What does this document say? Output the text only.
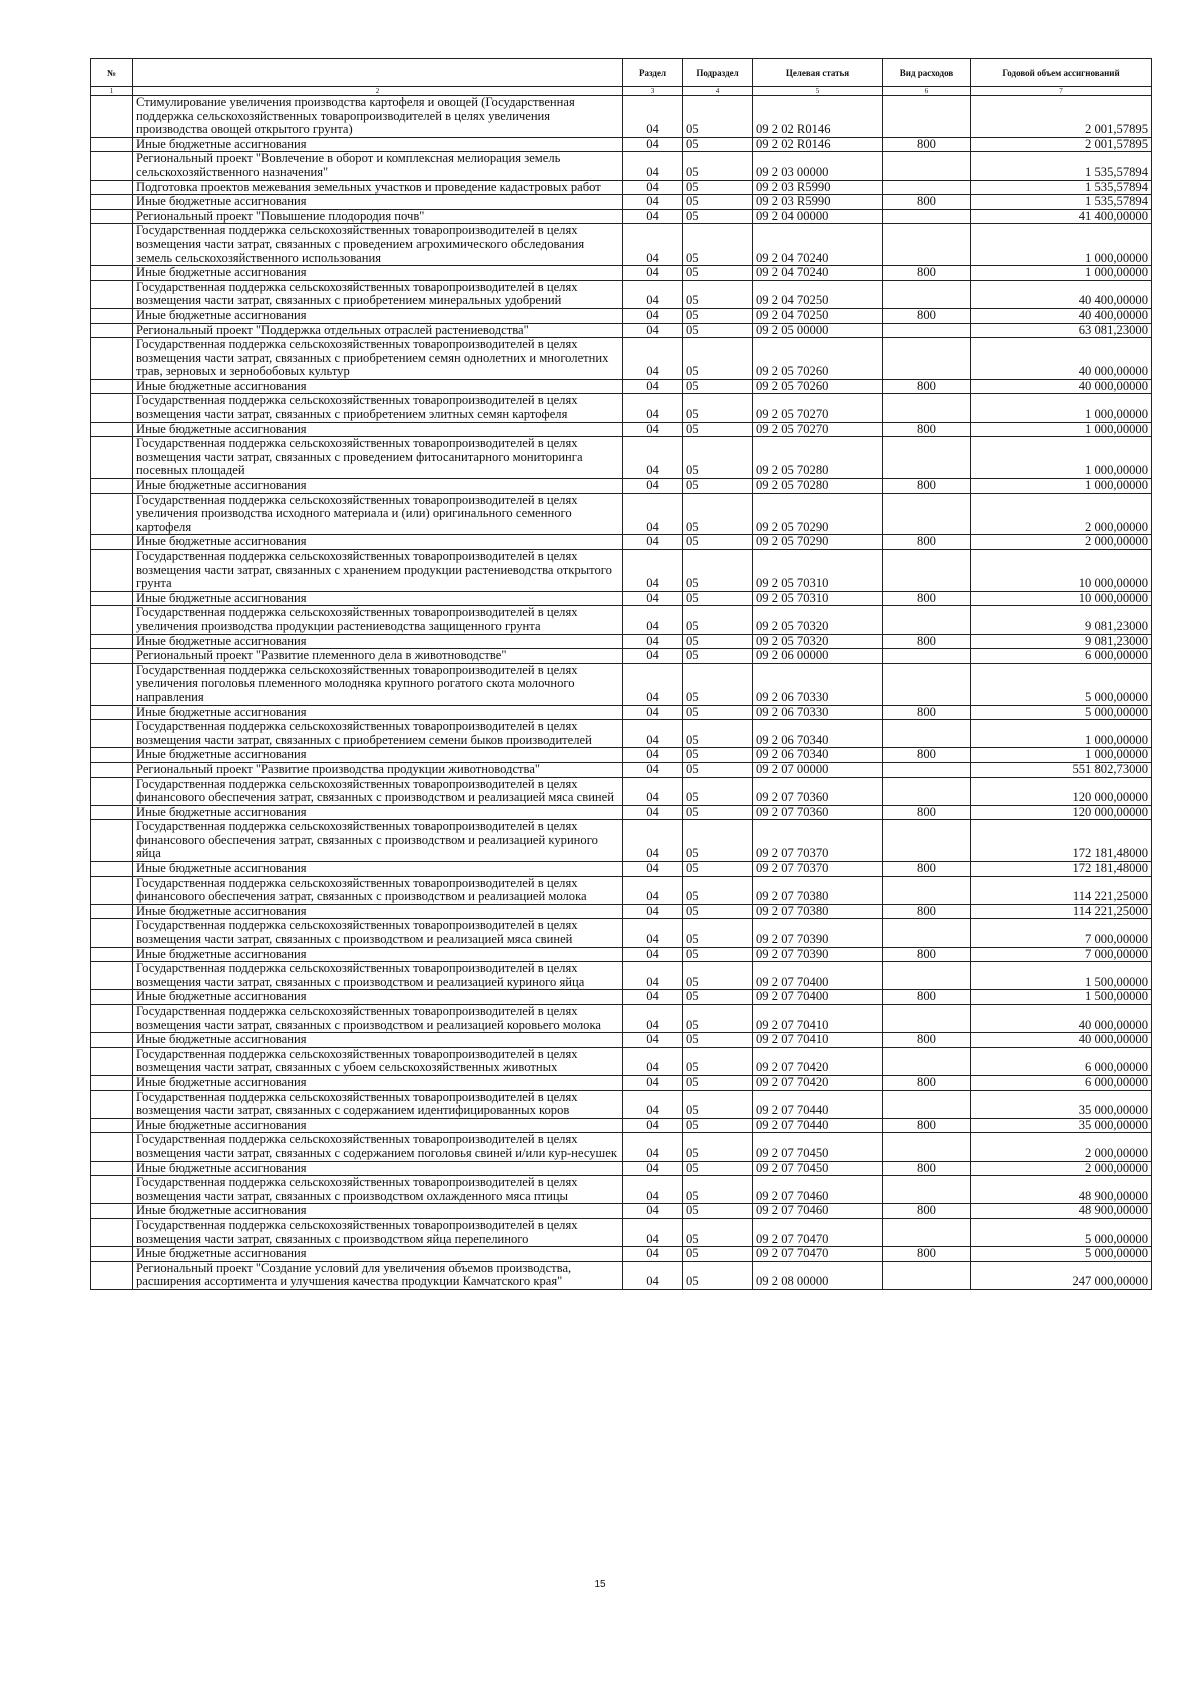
№		Раздел	Подраздел	Целевая статья	Вид расходов	Годовой объем ассигнований
1	2	3	4	5	6	7
	Стимулирование увеличения производства картофеля и овощей (Государственная поддержка сельскохозяйственных товаропроизводителей в целях увеличения производства овощей открытого грунта)	04	05	09 2 02 R0146		2 001,57895
	Иные бюджетные ассигнования	04	05	09 2 02 R0146	800	2 001,57895
	Региональный проект "Вовлечение в оборот и комплексная мелиорация земель сельскохозяйственного назначения"	04	05	09 2 03 00000		1 535,57894
	Подготовка проектов межевания земельных участков и проведение кадастровых работ	04	05	09 2 03 R5990		1 535,57894
	Иные бюджетные ассигнования	04	05	09 2 03 R5990	800	1 535,57894
	Региональный проект "Повышение плодородия почв"	04	05	09 2 04 00000		41 400,00000
	Государственная поддержка сельскохозяйственных товаропроизводителей в целях возмещения части затрат, связанных с проведением агрохимического обследования земель сельскохозяйственного использования	04	05	09 2 04 70240		1 000,00000
	Иные бюджетные ассигнования	04	05	09 2 04 70240	800	1 000,00000
	Государственная поддержка сельскохозяйственных товаропроизводителей в целях возмещения части затрат, связанных с приобретением минеральных удобрений	04	05	09 2 04 70250		40 400,00000
	Иные бюджетные ассигнования	04	05	09 2 04 70250	800	40 400,00000
	Региональный проект "Поддержка отдельных отраслей растениеводства"	04	05	09 2 05 00000		63 081,23000
	Государственная поддержка сельскохозяйственных товаропроизводителей в целях возмещения части затрат, связанных с приобретением семян однолетних и многолетних трав, зерновых и зернобобовых культур	04	05	09 2 05 70260		40 000,00000
	Иные бюджетные ассигнования	04	05	09 2 05 70260	800	40 000,00000
	Государственная поддержка сельскохозяйственных товаропроизводителей в целях возмещения части затрат, связанных с приобретением элитных семян картофеля	04	05	09 2 05 70270		1 000,00000
	Иные бюджетные ассигнования	04	05	09 2 05 70270	800	1 000,00000
	Государственная поддержка сельскохозяйственных товаропроизводителей в целях возмещения части затрат, связанных с проведением фитосанитарного мониторинга посевных площадей	04	05	09 2 05 70280		1 000,00000
	Иные бюджетные ассигнования	04	05	09 2 05 70280	800	1 000,00000
	Государственная поддержка сельскохозяйственных товаропроизводителей в целях увеличения производства исходного материала и (или) оригинального семенного картофеля	04	05	09 2 05 70290		2 000,00000
	Иные бюджетные ассигнования	04	05	09 2 05 70290	800	2 000,00000
	Государственная поддержка сельскохозяйственных товаропроизводителей в целях возмещения части затрат, связанных с хранением продукции растениеводства открытого грунта	04	05	09 2 05 70310		10 000,00000
	Иные бюджетные ассигнования	04	05	09 2 05 70310	800	10 000,00000
	Государственная поддержка сельскохозяйственных товаропроизводителей в целях увеличения производства продукции растениеводства защищенного грунта	04	05	09 2 05 70320		9 081,23000
	Иные бюджетные ассигнования	04	05	09 2 05 70320	800	9 081,23000
	Региональный проект "Развитие племенного дела в животноводстве"	04	05	09 2 06 00000		6 000,00000
	Государственная поддержка сельскохозяйственных товаропроизводителей в целях увеличения поголовья племенного молодняка крупного рогатого скота молочного направления	04	05	09 2 06 70330		5 000,00000
	Иные бюджетные ассигнования	04	05	09 2 06 70330	800	5 000,00000
	Государственная поддержка сельскохозяйственных товаропроизводителей в целях возмещения части затрат, связанных с приобретением семени быков производителей	04	05	09 2 06 70340		1 000,00000
	Иные бюджетные ассигнования	04	05	09 2 06 70340	800	1 000,00000
	Региональный проект "Развитие производства продукции животноводства"	04	05	09 2 07 00000		551 802,73000
	Государственная поддержка сельскохозяйственных товаропроизводителей в целях финансового обеспечения затрат, связанных с производством и реализацией мяса свиней	04	05	09 2 07 70360		120 000,00000
	Иные бюджетные ассигнования	04	05	09 2 07 70360	800	120 000,00000
	Государственная поддержка сельскохозяйственных товаропроизводителей в целях финансового обеспечения затрат, связанных с производством и реализацией куриного яйца	04	05	09 2 07 70370		172 181,48000
	Иные бюджетные ассигнования	04	05	09 2 07 70370	800	172 181,48000
	Государственная поддержка сельскохозяйственных товаропроизводителей в целях финансового обеспечения затрат, связанных с производством и реализацией молока	04	05	09 2 07 70380		114 221,25000
	Иные бюджетные ассигнования	04	05	09 2 07 70380	800	114 221,25000
	Государственная поддержка сельскохозяйственных товаропроизводителей в целях возмещения части затрат, связанных с производством и реализацией мяса свиней	04	05	09 2 07 70390		7 000,00000
	Иные бюджетные ассигнования	04	05	09 2 07 70390	800	7 000,00000
	Государственная поддержка сельскохозяйственных товаропроизводителей в целях возмещения части затрат, связанных с производством и реализацией куриного яйца	04	05	09 2 07 70400		1 500,00000
	Иные бюджетные ассигнования	04	05	09 2 07 70400	800	1 500,00000
	Государственная поддержка сельскохозяйственных товаропроизводителей в целях возмещения части затрат, связанных с производством и реализацией коровьего молока	04	05	09 2 07 70410		40 000,00000
	Иные бюджетные ассигнования	04	05	09 2 07 70410	800	40 000,00000
	Государственная поддержка сельскохозяйственных товаропроизводителей в целях возмещения части затрат, связанных с убоем сельскохозяйственных животных	04	05	09 2 07 70420		6 000,00000
	Иные бюджетные ассигнования	04	05	09 2 07 70420	800	6 000,00000
	Государственная поддержка сельскохозяйственных товаропроизводителей в целях возмещения части затрат, связанных с содержанием идентифицированных коров	04	05	09 2 07 70440		35 000,00000
	Иные бюджетные ассигнования	04	05	09 2 07 70440	800	35 000,00000
	Государственная поддержка сельскохозяйственных товаропроизводителей в целях возмещения части затрат, связанных с содержанием поголовья свиней и/или кур-несушек	04	05	09 2 07 70450		2 000,00000
	Иные бюджетные ассигнования	04	05	09 2 07 70450	800	2 000,00000
	Государственная поддержка сельскохозяйственных товаропроизводителей в целях возмещения части затрат, связанных с производством охлажденного мяса птицы	04	05	09 2 07 70460		48 900,00000
	Иные бюджетные ассигнования	04	05	09 2 07 70460	800	48 900,00000
	Государственная поддержка сельскохозяйственных товаропроизводителей в целях возмещения части затрат, связанных с производством яйца перепелиного	04	05	09 2 07 70470		5 000,00000
	Иные бюджетные ассигнования	04	05	09 2 07 70470	800	5 000,00000
	Региональный проект "Создание условий для увеличения объемов производства, расширения ассортимента и улучшения качества продукции Камчатского края"	04	05	09 2 08 00000		247 000,00000
15
